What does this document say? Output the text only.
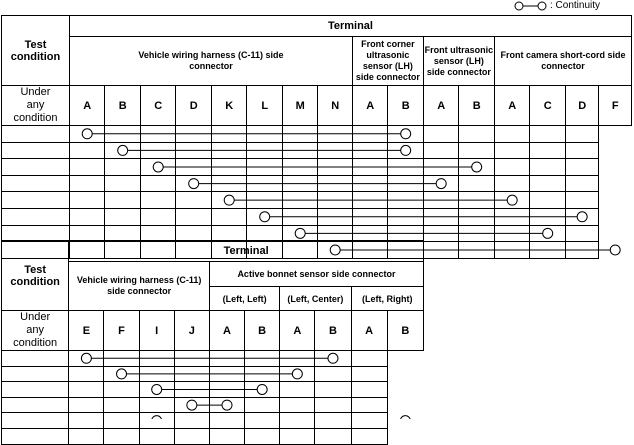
: Continuity
Test condition	Terminal															
	Vehicle wiring harness (C-11) side connector								Front corner ultrasonic sensor (LH) side connector		Front ultrasonic sensor (LH) side connector		Front camera short-cord side connector			
Under any condition	A	B	C	D	K	L	M	N	A	B	A	B	A	C	D	F

Test condition	Terminal									
	Vehicle wiring harness (C-11) side connector				Active bonnet sensor side connector					
					(Left, Left)		(Left, Center)		(Left, Right)	
Under any condition	E	F	I	J	A	B	A	B	A	B
